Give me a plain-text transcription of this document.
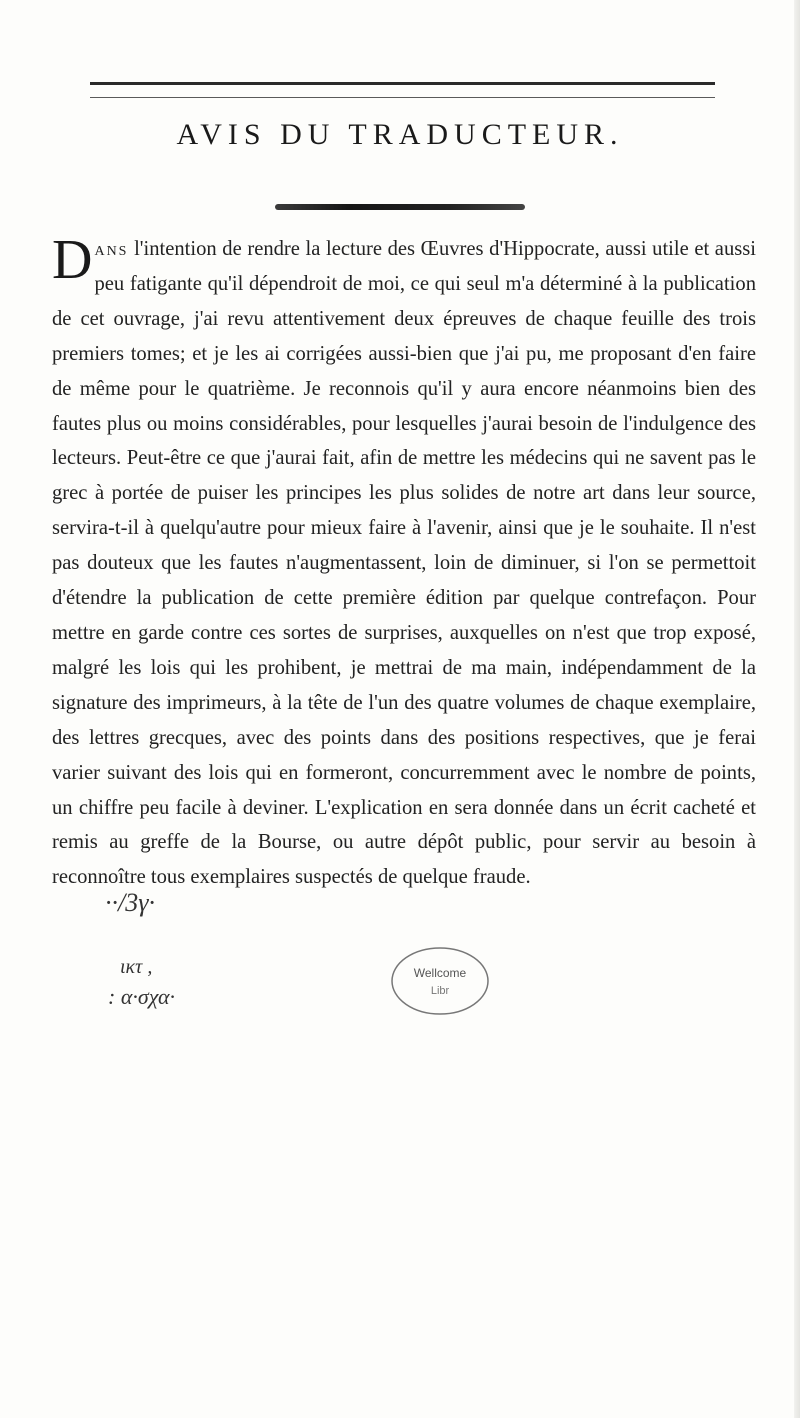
AVIS DU TRADUCTEUR.
Dans l'intention de rendre la lecture des Œuvres d'Hippocrate, aussi utile et aussi peu fatigante qu'il dépendroit de moi, ce qui seul m'a déterminé à la publication de cet ouvrage, j'ai revu attentivement deux épreuves de chaque feuille des trois premiers tomes; et je les ai corrigées aussi-bien que j'ai pu, me proposant d'en faire de même pour le quatrième. Je reconnois qu'il y aura encore néanmoins bien des fautes plus ou moins considérables, pour lesquelles j'aurai besoin de l'indulgence des lecteurs. Peut-être ce que j'aurai fait, afin de mettre les médecins qui ne savent pas le grec à portée de puiser les principes les plus solides de notre art dans leur source, servira-t-il à quelqu'autre pour mieux faire à l'avenir, ainsi que je le souhaite. Il n'est pas douteux que les fautes n'augmentassent, loin de diminuer, si l'on se permettoit d'étendre la publication de cette première édition par quelque contrefaçon. Pour mettre en garde contre ces sortes de surprises, auxquelles on n'est que trop exposé, malgré les lois qui les prohibent, je mettrai de ma main, indépendamment de la signature des imprimeurs, à la tête de l'un des quatre volumes de chaque exemplaire, des lettres grecques, avec des points dans des positions respectives, que je ferai varier suivant des lois qui en formeront, concurremment avec le nombre de points, un chiffre peu facile à deviner. L'explication en sera donnée dans un écrit cacheté et remis au greffe de la Bourse, ou autre dépôt public, pour servir au besoin à reconnoître tous exemplaires suspectés de quelque fraude.
··/3γ·
ικτ ,
: α·σχα·
Wellcome
Libr
